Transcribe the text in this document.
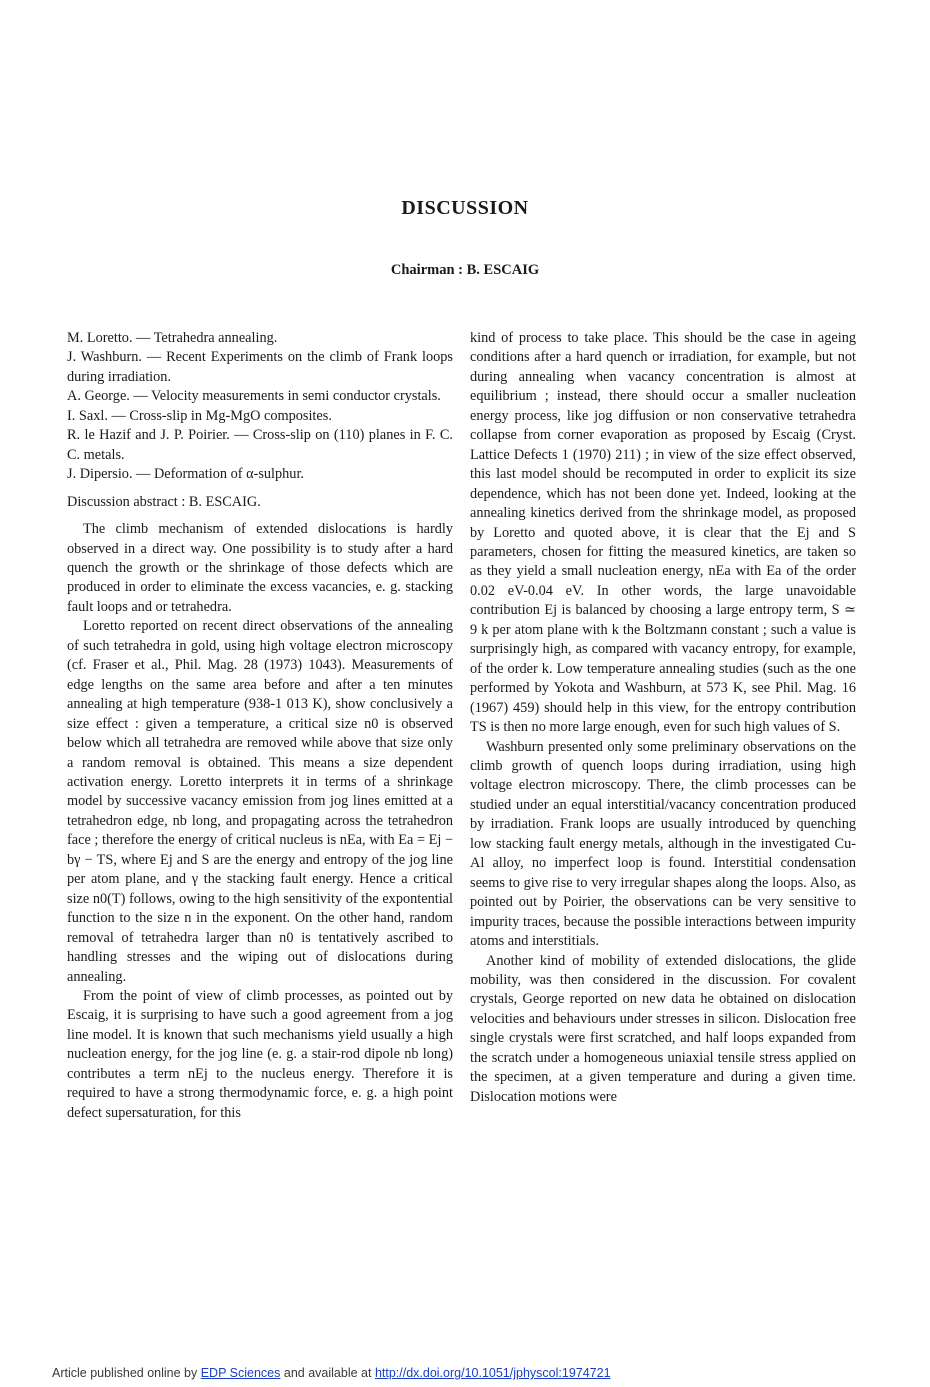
DISCUSSION
Chairman : B. ESCAIG

M. Loretto. — Tetrahedra annealing.

J. Washburn. — Recent Experiments on the climb of Frank loops during irradiation.

A. George. — Velocity measurements in semi conductor crystals.

I. Saxl. — Cross-slip in Mg-MgO composites.

R. le Hazif and J. P. Poirier. — Cross-slip on (110) planes in F. C. C. metals.

J. Dipersio. — Deformation of α-sulphur.

Discussion abstract : B. ESCAIG.

The climb mechanism of extended dislocations is hardly observed in a direct way. One possibility is to study after a hard quench the growth or the shrinkage of those defects which are produced in order to eliminate the excess vacancies, e. g. stacking fault loops and or tetrahedra.

Loretto reported on recent direct observations of the annealing of such tetrahedra in gold, using high voltage electron microscopy (cf. Fraser et al., Phil. Mag. 28 (1973) 1043). Measurements of edge lengths on the same area before and after a ten minutes annealing at high temperature (938-1 013 K), show conclusively a size effect : given a temperature, a critical size n0 is observed below which all tetrahedra are removed while above that size only a random removal is obtained. This means a size dependent activation energy. Loretto interprets it in terms of a shrinkage model by successive vacancy emission from jog lines emitted at a tetrahedron edge, nb long, and propagating across the tetrahedron face ; therefore the energy of critical nucleus is nEa, with Ea = Ej − bγ − TS, where Ej and S are the energy and entropy of the jog line per atom plane, and γ the stacking fault energy. Hence a critical size n0(T) follows, owing to the high sensitivity of the expontential function to the size n in the exponent. On the other hand, random removal of tetrahedra larger than n0 is tentatively ascribed to handling stresses and the wiping out of dislocations during annealing.

From the point of view of climb processes, as pointed out by Escaig, it is surprising to have such a good agreement from a jog line model. It is known that such mechanisms yield usually a high nucleation energy, for the jog line (e. g. a stair-rod dipole nb long) contributes a term nEj to the nucleus energy. Therefore it is required to have a strong thermodynamic force, e. g. a high point defect supersaturation, for this

kind of process to take place. This should be the case in ageing conditions after a hard quench or irradiation, for example, but not during annealing when vacancy concentration is almost at equilibrium ; instead, there should occur a smaller nucleation energy process, like jog diffusion or non conservative tetrahedra collapse from corner evaporation as proposed by Escaig (Cryst. Lattice Defects 1 (1970) 211) ; in view of the size effect observed, this last model should be recomputed in order to explicit its size dependence, which has not been done yet. Indeed, looking at the annealing kinetics derived from the shrinkage model, as proposed by Loretto and quoted above, it is clear that the Ej and S parameters, chosen for fitting the measured kinetics, are taken so as they yield a small nucleation energy, nEa with Ea of the order 0.02 eV-0.04 eV. In other words, the large unavoidable contribution Ej is balanced by choosing a large entropy term, S ≃ 9 k per atom plane with k the Boltzmann constant ; such a value is surprisingly high, as compared with vacancy entropy, for example, of the order k. Low temperature annealing studies (such as the one performed by Yokota and Washburn, at 573 K, see Phil. Mag. 16 (1967) 459) should help in this view, for the entropy contribution TS is then no more large enough, even for such high values of S.

Washburn presented only some preliminary observations on the climb growth of quench loops during irradiation, using high voltage electron microscopy. There, the climb processes can be studied under an equal interstitial/vacancy concentration produced by irradiation. Frank loops are usually introduced by quenching low stacking fault energy metals, although in the investigated Cu-Al alloy, no imperfect loop is found. Interstitial condensation seems to give rise to very irregular shapes along the loops. Also, as pointed out by Poirier, the observations can be very sensitive to impurity traces, because the possible interactions between impurity atoms and interstitials.

Another kind of mobility of extended dislocations, the glide mobility, was then considered in the discussion. For covalent crystals, George reported on new data he obtained on dislocation velocities and behaviours under stresses in silicon. Dislocation free single crystals were first scratched, and half loops expanded from the scratch under a homogeneous uniaxial tensile stress applied on the specimen, at a given temperature and during a given time. Dislocation motions were

Article published online by EDP Sciences and available at http://dx.doi.org/10.1051/jphyscol:1974721
